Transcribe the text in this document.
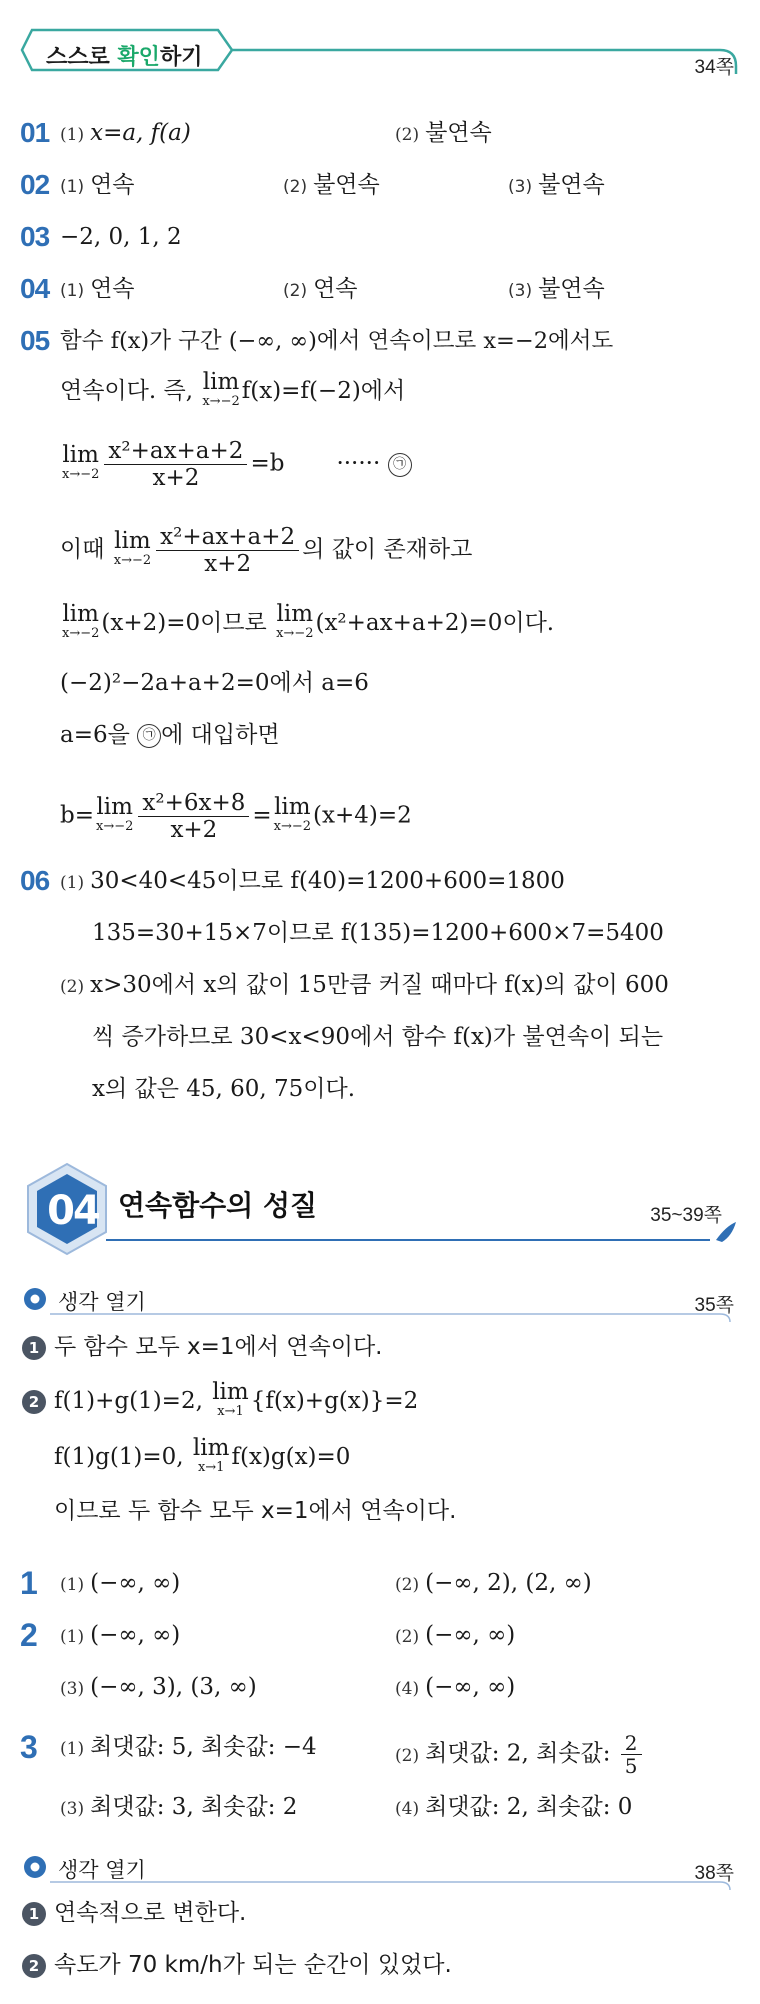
스스로 확인하기	34쪽
01 (1) x=a, f(a)	(2) 불연속
02 (1) 연속	(2) 불연속	(3) 불연속
03 −2, 0, 1, 2
04 (1) 연속	(2) 연속	(3) 불연속
05 함수 f(x)가 구간 (−∞, ∞)에서 연속이므로 x=−2에서도
연속이다. 즉, lim
x→−2 f(x)=f(−2)에서
lim
$x\to-2 \frac{\text{x²+ax+a+2}}{x+2} =b$ ······ ㉠
이때 lim
$x\to-2 \frac{\text{x²+ax+a+2}}{x+2}$ 의 값이 존재하고
lim
x→−2 (x+2)=0이므로 lim
x→−2 (x²+ax+a+2)=0이다.
(−2)²−2a+a+2=0에서 a=6
a=6을 ㉠ 에 대입하면
b= lim
$x\to-2 \frac{\text{x²+6x+8}}{x+2} = \lim$
x→−2 (x+4)=2
06 (1) 30<40<45이므로 f(40)=1200+600=1800
135=30+15×7이므로 f(135)=1200+600×7=5400
(2) x>30에서 x의 값이 15만큼 커질 때마다 f(x)의 값이 600
씩 증가하므로 30<x<90에서 함수 f(x)가 불연속이 되는
x의 값은 45, 60, 75이다.
04 연속함수의 성질	35~39쪽
생각 열기	35쪽
1 두 함수 모두 x=1에서 연속이다.
2 f(1)+g(1)=2, lim
x→1 {f(x)+g(x)}=2
f(1)g(1)=0, lim
x→1 f(x)g(x)=0
이므로 두 함수 모두 x=1에서 연속이다.
1 (1) (−∞, ∞)	(2) (−∞, 2), (2, ∞)
2 (1) (−∞, ∞)	(2) (−∞, ∞)
(3) (−∞, 3), (3, ∞)	(4) (−∞, ∞)
3 (1) 최댓값: 5, 최솟값: −4	(2) 최댓값: 2, 최솟값: $\frac{2}{5}$
(3) 최댓값: 3, 최솟값: 2	(4) 최댓값: 2, 최솟값: 0
생각 열기	38쪽
1 연속적으로 변한다.
2 속도가 70 km/h가 되는 순간이 있었다.
